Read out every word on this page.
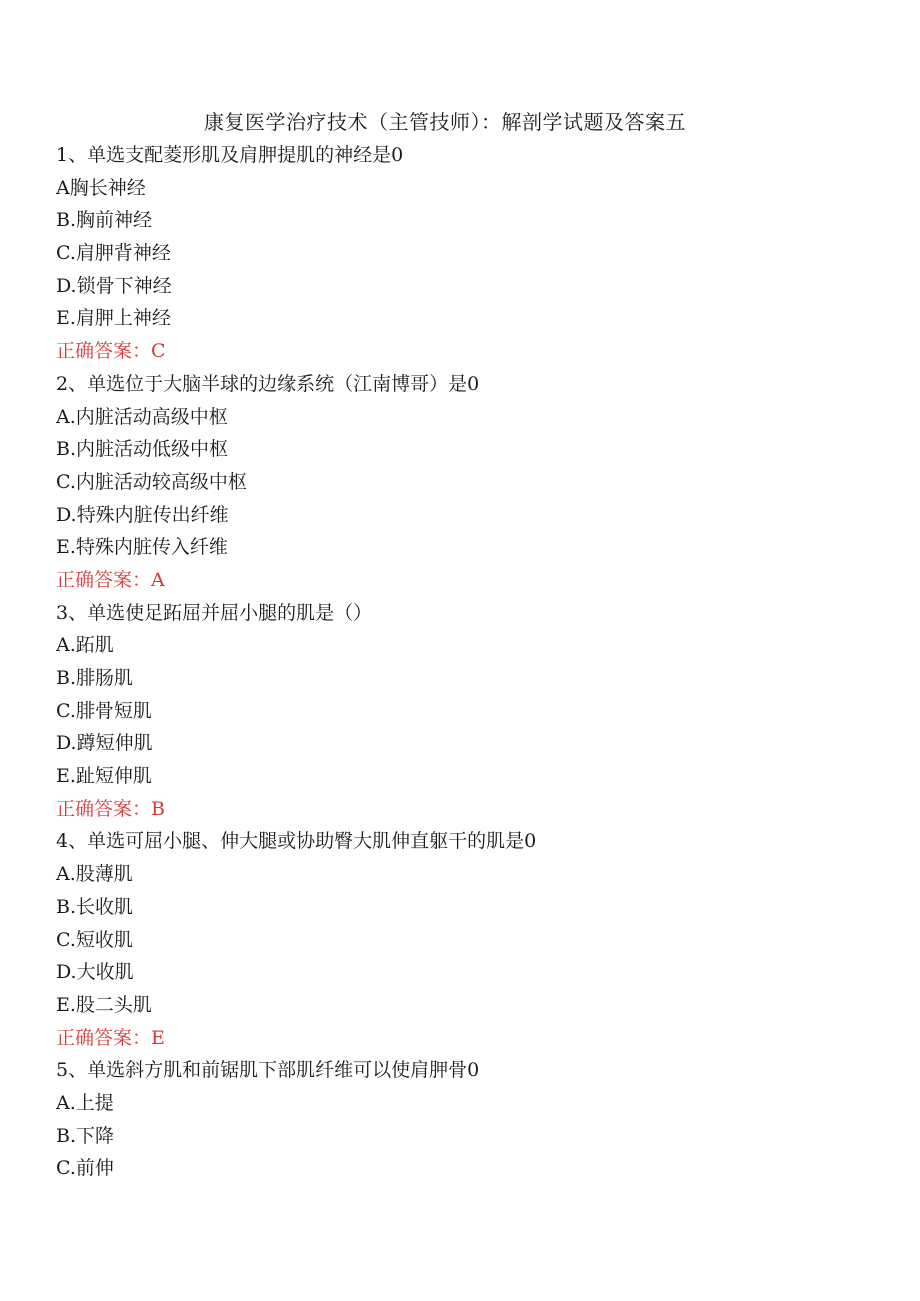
康复医学治疗技术（主管技师）：解剖学试题及答案五
1、单选支配菱形肌及肩胛提肌的神经是0
A胸长神经
B.胸前神经
C.肩胛背神经
D.锁骨下神经
E.肩胛上神经
正确答案：C
2、单选位于大脑半球的边缘系统（江南博哥）是0
A.内脏活动高级中枢
B.内脏活动低级中枢
C.内脏活动较高级中枢
D.特殊内脏传出纤维
E.特殊内脏传入纤维
正确答案：A
3、单选使足跖屈并屈小腿的肌是（）
A.跖肌
B.腓肠肌
C.腓骨短肌
D.蹲短伸肌
E.趾短伸肌
正确答案：B
4、单选可屈小腿、伸大腿或协助臀大肌伸直躯干的肌是0
A.股薄肌
B.长收肌
C.短收肌
D.大收肌
E.股二头肌
正确答案：E
5、单选斜方肌和前锯肌下部肌纤维可以使肩胛骨0
A.上提
B.下降
C.前伸
